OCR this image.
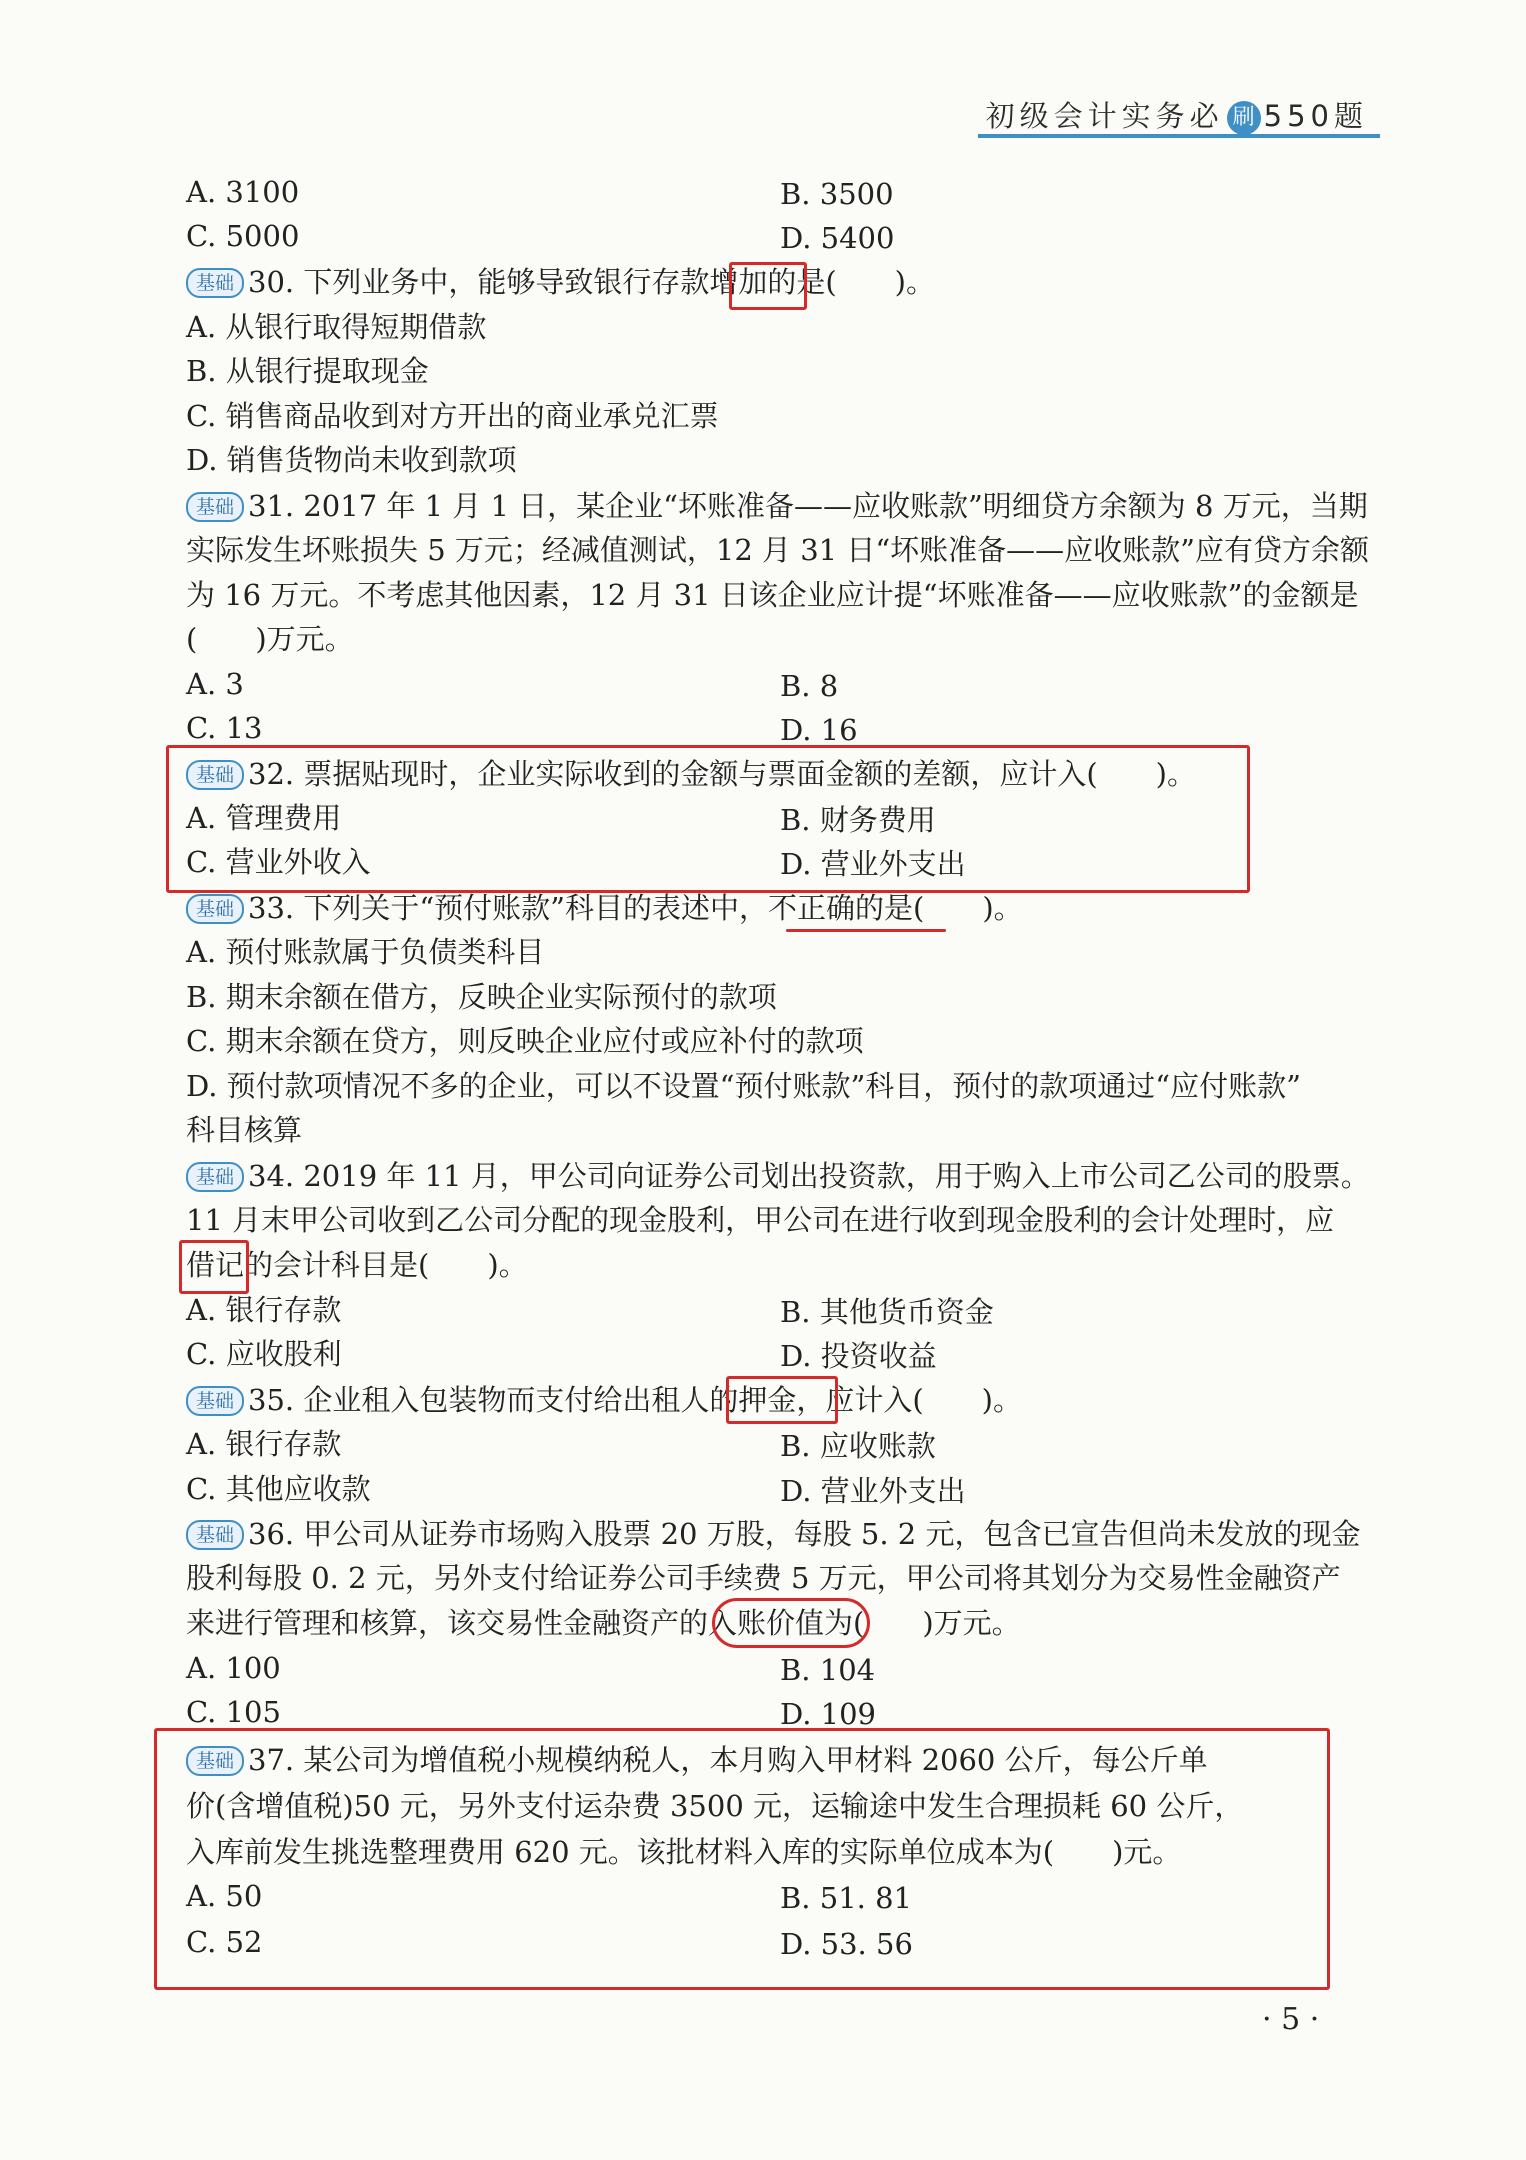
初级会计实务必 刷 550题
A. 3100	B. 3500
C. 5000	D. 5400
基础 30. 下列业务中，能够导致银行存款增加的是(　　)。
A. 从银行取得短期借款
B. 从银行提取现金
C. 销售商品收到对方开出的商业承兑汇票
D. 销售货物尚未收到款项
基础 31. 2017 年 1 月 1 日，某企业“坏账准备——应收账款”明细贷方余额为 8 万元，当期
实际发生坏账损失 5 万元；经减值测试，12 月 31 日“坏账准备——应收账款”应有贷方余额
为 16 万元。不考虑其他因素，12 月 31 日该企业应计提“坏账准备——应收账款”的金额是
(　　)万元。
A. 3	B. 8
C. 13	D. 16
基础 32. 票据贴现时，企业实际收到的金额与票面金额的差额，应计入(　　)。
A. 管理费用	B. 财务费用
C. 营业外收入	D. 营业外支出
基础 33. 下列关于“预付账款”科目的表述中，不正确的是(　　)。
A. 预付账款属于负债类科目
B. 期末余额在借方，反映企业实际预付的款项
C. 期末余额在贷方，则反映企业应付或应补付的款项
D. 预付款项情况不多的企业，可以不设置“预付账款”科目，预付的款项通过“应付账款”
科目核算
基础 34. 2019 年 11 月，甲公司向证券公司划出投资款，用于购入上市公司乙公司的股票。
11 月末甲公司收到乙公司分配的现金股利，甲公司在进行收到现金股利的会计处理时，应
借记的会计科目是(　　)。
A. 银行存款	B. 其他货币资金
C. 应收股利	D. 投资收益
基础 35. 企业租入包装物而支付给出租人的押金，应计入(　　)。
A. 银行存款	B. 应收账款
C. 其他应收款	D. 营业外支出
基础 36. 甲公司从证券市场购入股票 20 万股，每股 5. 2 元，包含已宣告但尚未发放的现金
股利每股 0. 2 元，另外支付给证券公司手续费 5 万元，甲公司将其划分为交易性金融资产
来进行管理和核算，该交易性金融资产的入账价值为(　　)万元。
A. 100	B. 104
C. 105	D. 109
基础 37. 某公司为增值税小规模纳税人，本月购入甲材料 2060 公斤，每公斤单
价(含增值税)50 元，另外支付运杂费 3500 元，运输途中发生合理损耗 60 公斤，
入库前发生挑选整理费用 620 元。该批材料入库的实际单位成本为(　　)元。
A. 50	B. 51. 81
C. 52	D. 53. 56
· 5 ·
